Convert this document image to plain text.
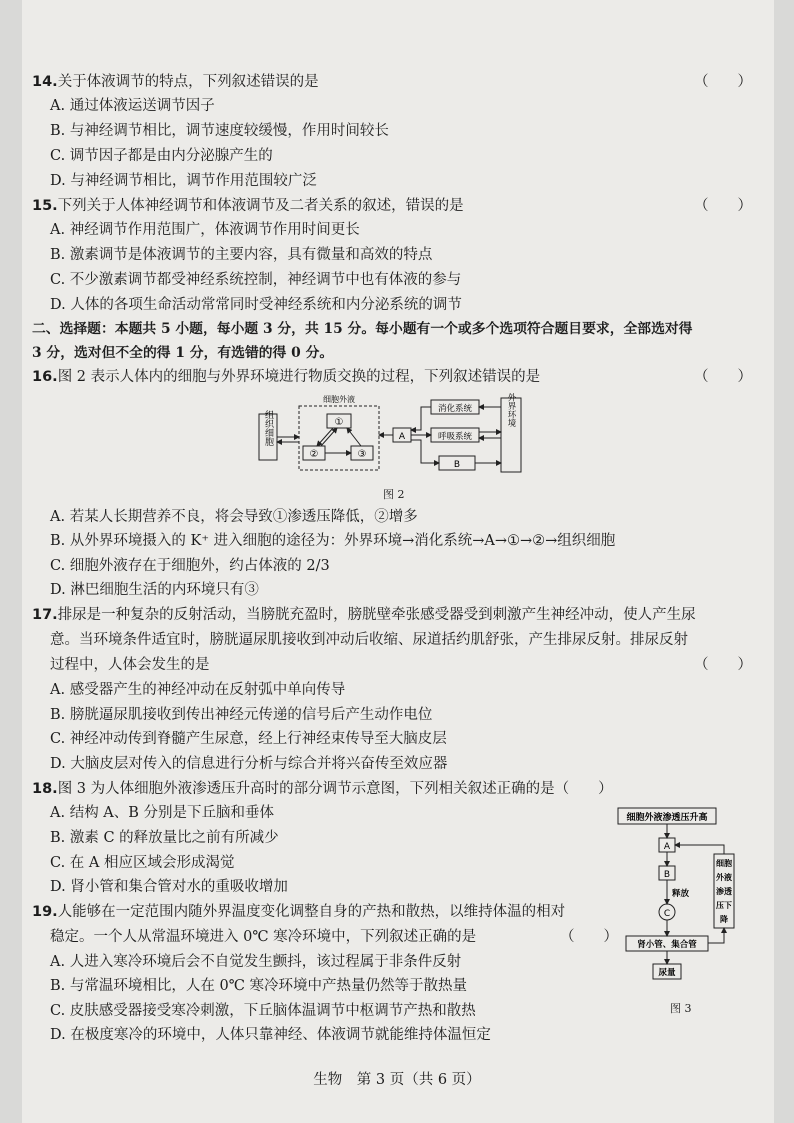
14.关于体液调节的特点，下列叙述错误的是	（　　）
A. 通过体液运送调节因子
B. 与神经调节相比，调节速度较缓慢，作用时间较长
C. 调节因子都是由内分泌腺产生的
D. 与神经调节相比，调节作用范围较广泛
15.下列关于人体神经调节和体液调节及二者关系的叙述，错误的是	（　　）
A. 神经调节作用范围广，体液调节作用时间更长
B. 激素调节是体液调节的主要内容，具有微量和高效的特点
C. 不少激素调节都受神经系统控制，神经调节中也有体液的参与
D. 人体的各项生命活动常常同时受神经系统和内分泌系统的调节
二、选择题：本题共 5 小题，每小题 3 分，共 15 分。每小题有一个或多个选项符合题目要求，全部选对得
3 分，选对但不全的得 1 分，有选错的得 0 分。
16.图 2 表示人体内的细胞与外界环境进行物质交换的过程，下列叙述错误的是	（　　）
组织细胞
细胞外液
①
②	③
A
B
消化系统
呼吸系统
外界环境
图 2
A. 若某人长期营养不良，将会导致①渗透压降低，②增多
B. 从外界环境摄入的 K⁺ 进入细胞的途径为：外界环境→消化系统→A→①→②→组织细胞
C. 细胞外液存在于细胞外，约占体液的 2/3
D. 淋巴细胞生活的内环境只有③
17.排尿是一种复杂的反射活动，当膀胱充盈时，膀胱壁牵张感受器受到刺激产生神经冲动，使人产生尿
意。当环境条件适宜时，膀胱逼尿肌接收到冲动后收缩、尿道括约肌舒张，产生排尿反射。排尿反射
过程中，人体会发生的是	（　　）
A. 感受器产生的神经冲动在反射弧中单向传导
B. 膀胱逼尿肌接收到传出神经元传递的信号后产生动作电位
C. 神经冲动传到脊髓产生尿意，经上行神经束传导至大脑皮层
D. 大脑皮层对传入的信息进行分析与综合并将兴奋传至效应器
18.图 3 为人体细胞外液渗透压升高时的部分调节示意图，下列相关叙述正确的是（　　）
A. 结构 A、B 分别是下丘脑和垂体
B. 激素 C 的释放量比之前有所减少
C. 在 A 相应区域会形成渴觉
D. 肾小管和集合管对水的重吸收增加
细胞外液渗透压升高
A
B
释放
C
肾小管、集合管
尿量
细胞
外液
渗透
压下
降
图 3
19.人能够在一定范围内随外界温度变化调整自身的产热和散热，以维持体温的相对
稳定。一个人从常温环境进入 0℃ 寒冷环境中，下列叙述正确的是	（　　）
A. 人进入寒冷环境后会不自觉发生颤抖，该过程属于非条件反射
B. 与常温环境相比，人在 0℃ 寒冷环境中产热量仍然等于散热量
C. 皮肤感受器接受寒冷刺激，下丘脑体温调节中枢调节产热和散热
D. 在极度寒冷的环境中，人体只靠神经、体液调节就能维持体温恒定
生物　第 3 页（共 6 页）
